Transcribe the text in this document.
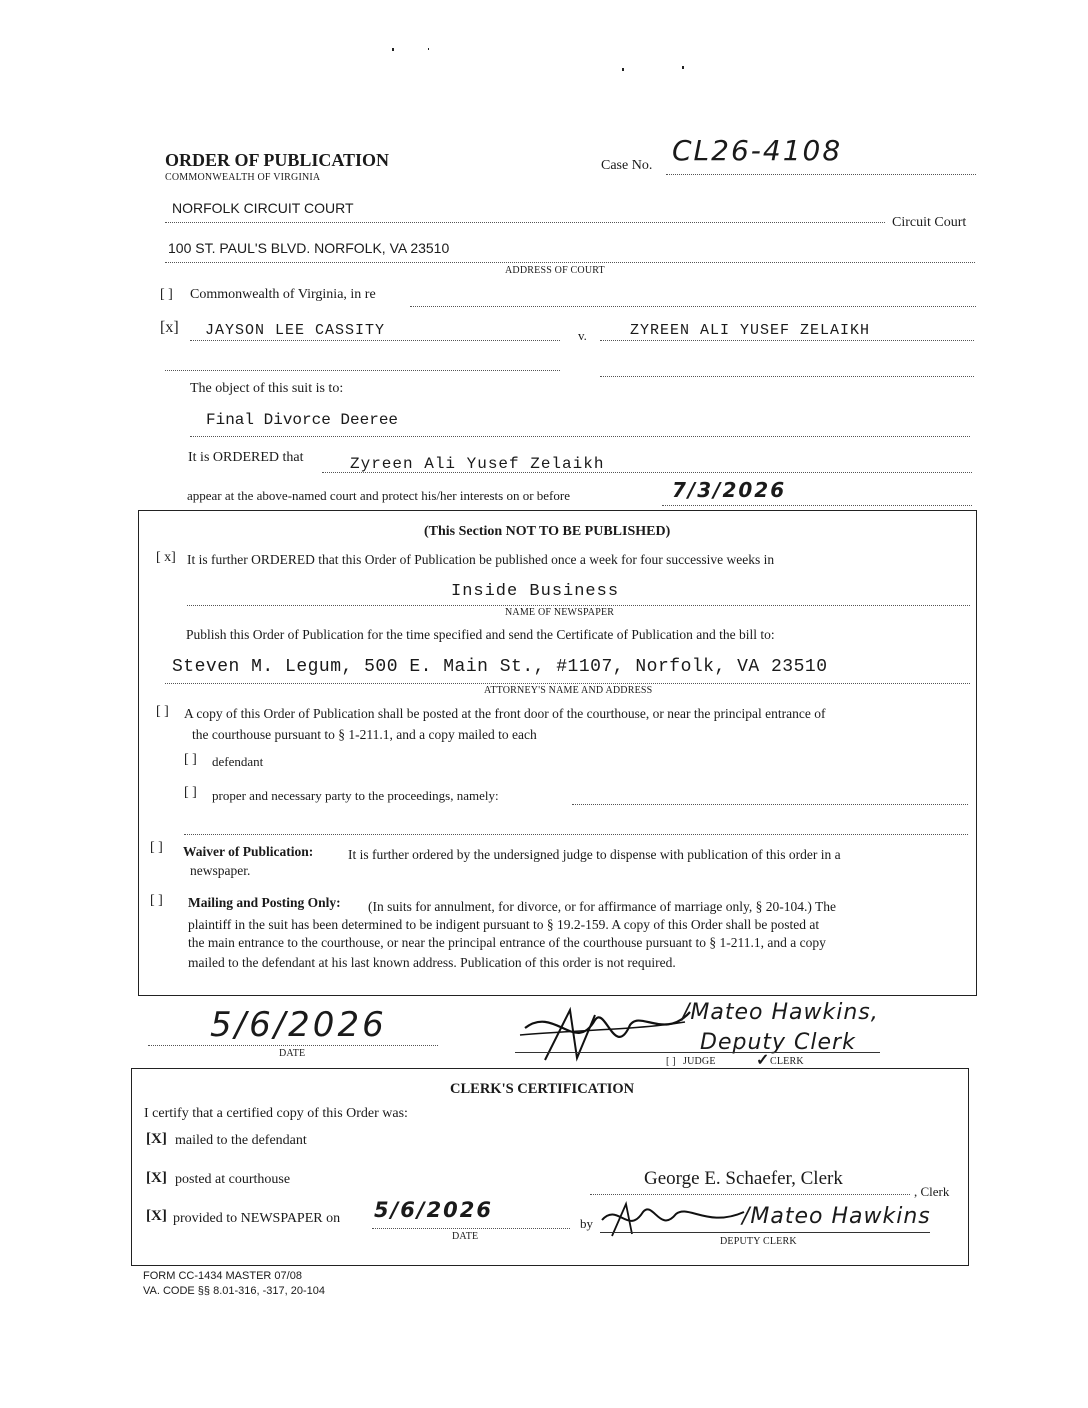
ORDER OF PUBLICATION
COMMONWEALTH OF VIRGINIA
Case No. CL26-4108
NORFOLK CIRCUIT COURT
Circuit Court
100 ST. PAUL'S BLVD. NORFOLK, VA 23510
ADDRESS OF COURT
[ ] Commonwealth of Virginia, in re
[x] JAYSON LEE CASSITY	v.	ZYREEN ALI YUSEF ZELAIKH
The object of this suit is to:
Final Divorce Deeree
It is ORDERED that	Zyreen Ali Yusef Zelaikh
appear at the above-named court and protect his/her interests on or before	7/3/2026
(This Section NOT TO BE PUBLISHED)
[ x] It is further ORDERED that this Order of Publication be published once a week for four successive weeks in
Inside Business
NAME OF NEWSPAPER
Publish this Order of Publication for the time specified and send the Certificate of Publication and the bill to:
Steven M. Legum, 500 E. Main St., #1107, Norfolk, VA 23510
ATTORNEY'S NAME AND ADDRESS
[ ] A copy of this Order of Publication shall be posted at the front door of the courthouse, or near the principal entrance of
the courthouse pursuant to § 1-211.1, and a copy mailed to each
[ ] defendant
[ ] proper and necessary party to the proceedings, namely:
[ ] Waiver of Publication:	It is further ordered by the undersigned judge to dispense with publication of this order in a
newspaper.
[ ] Mailing and Posting Only: (In suits for annulment, for divorce, or for affirmance of marriage only, § 20-104.) The
plaintiff in the suit has been determined to be indigent pursuant to § 19.2-159. A copy of this Order shall be posted at
the main entrance to the courthouse, or near the principal entrance of the courthouse pursuant to § 1-211.1, and a copy
mailed to the defendant at his last known address. Publication of this order is not required.
5/6/2026
DATE
/Mateo Hawkins,
Deputy Clerk
[ ] JUDGE	✓ CLERK
CLERK'S CERTIFICATION
I certify that a certified copy of this Order was:
[X] mailed to the defendant
[X] posted at courthouse
[X] provided to NEWSPAPER on 5/6/2026
DATE
George E. Schaefer, Clerk
, Clerk
by	/Mateo Hawkins
DEPUTY CLERK
FORM CC-1434 MASTER 07/08
VA. CODE §§ 8.01-316, -317, 20-104
